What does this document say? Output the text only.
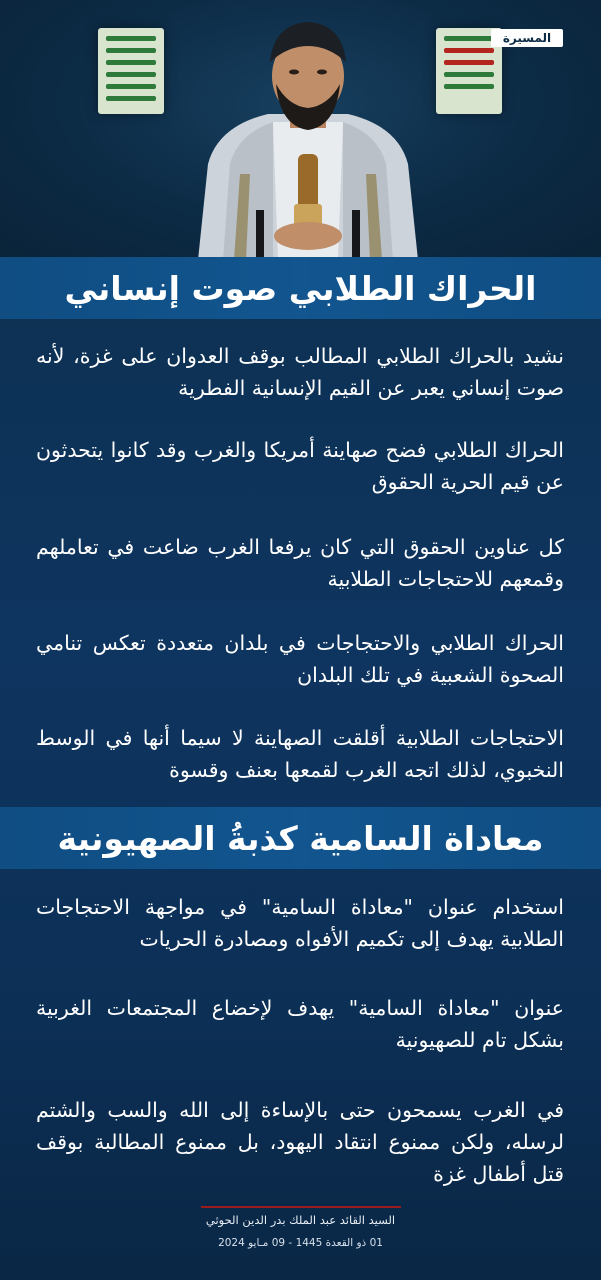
المسيرة
الحراك الطلابي صوت إنساني
نشيد بالحراك الطلابي المطالب بوقف العدوان على غزة، لأنه صوت إنساني يعبر عن القيم الإنسانية الفطرية
الحراك الطلابي فضح صهاينة أمريكا والغرب وقد كانوا يتحدثون عن قيم الحرية الحقوق
كل عناوين الحقوق التي كان يرفعا الغرب ضاعت في تعاملهم وقمعهم للاحتجاجات الطلابية
الحراك الطلابي والاحتجاجات في بلدان متعددة تعكس تنامي الصحوة الشعبية في تلك البلدان
الاحتجاجات الطلابية أقلقت الصهاينة لا سيما أنها في الوسط النخبوي، لذلك اتجه الغرب لقمعها بعنف وقسوة
معاداة السامية كذبةُ الصهيونية
استخدام عنوان "معاداة السامية" في مواجهة الاحتجاجات الطلابية يهدف إلى تكميم الأفواه ومصادرة الحريات
عنوان "معاداة السامية" يهدف لإخضاع المجتمعات الغربية بشكل تام للصهيونية
في الغرب يسمحون حتى بالإساءة إلى الله والسب والشتم لرسله، ولكن ممنوع انتقاد اليهود، بل ممنوع المطالبة بوقف قتل أطفال غزة
السيد القائد عبد الملك بدر الدين الحوثي
01 ذو القعدة 1445 - 09 مـايو 2024
